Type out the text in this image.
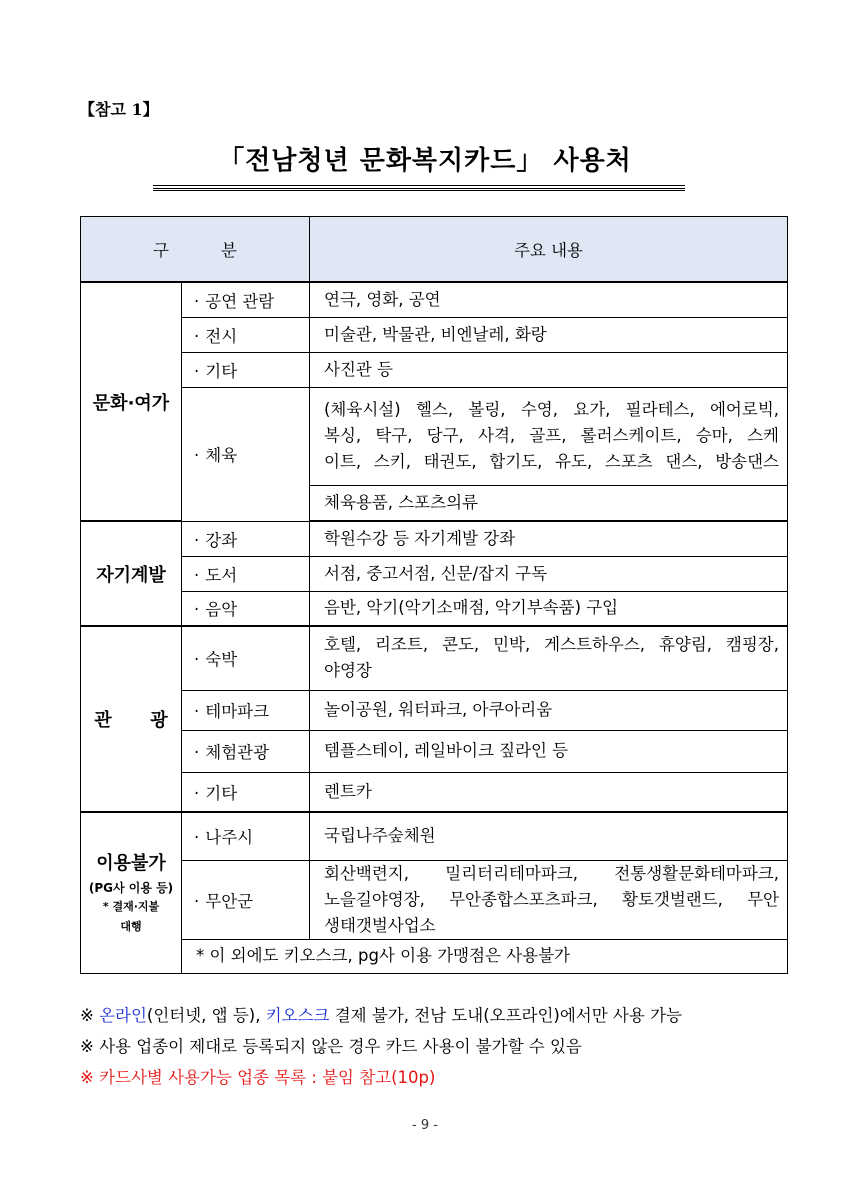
【참고 1】
「전남청년 문화복지카드」 사용처
구 분		주요 내용
문화·여가	· 공연 관람	연극, 영화, 공연
	· 전시	미술관, 박물관, 비엔날레, 화랑
	· 기타	사진관 등
	· 체육	(체육시설) 헬스, 볼링, 수영, 요가, 필라테스, 에어로빅,
복싱, 탁구, 당구, 사격, 골프, 롤러스케이트, 승마, 스케
이트, 스키, 태권도, 합기도, 유도, 스포츠 댄스, 방송댄스

		체육용품, 스포츠의류
자기계발	· 강좌	학원수강 등 자기계발 강좌
	· 도서	서점, 중고서점, 신문/잡지 구독
	· 음악	음반, 악기(악기소매점, 악기부속품) 구입
관 광	· 숙박	호텔, 리조트, 콘도, 민박, 게스트하우스, 휴양림, 캠핑장,
야영장

	· 테마파크	놀이공원, 워터파크, 아쿠아리움
	· 체험관광	템플스테이, 레일바이크 짚라인 등
	· 기타	렌트카

이용불가
(PG사 이용 등)
* 결재·지불
대행	· 나주시	국립나주숲체원
	· 무안군	회산백련지, 밀리터리테마파크, 전통생활문화테마파크,
노을길야영장, 무안종합스포츠파크, 황토갯벌랜드, 무안
생태갯벌사업소

	* 이 외에도 키오스크, pg사 이용 가맹점은 사용불가	
※ 온라인(인터넷, 앱 등), 키오스크 결제 불가, 전남 도내(오프라인)에서만 사용 가능
※ 사용 업종이 제대로 등록되지 않은 경우 카드 사용이 불가할 수 있음
※ 카드사별 사용가능 업종 목록 : 붙임 참고(10p)
- 9 -
